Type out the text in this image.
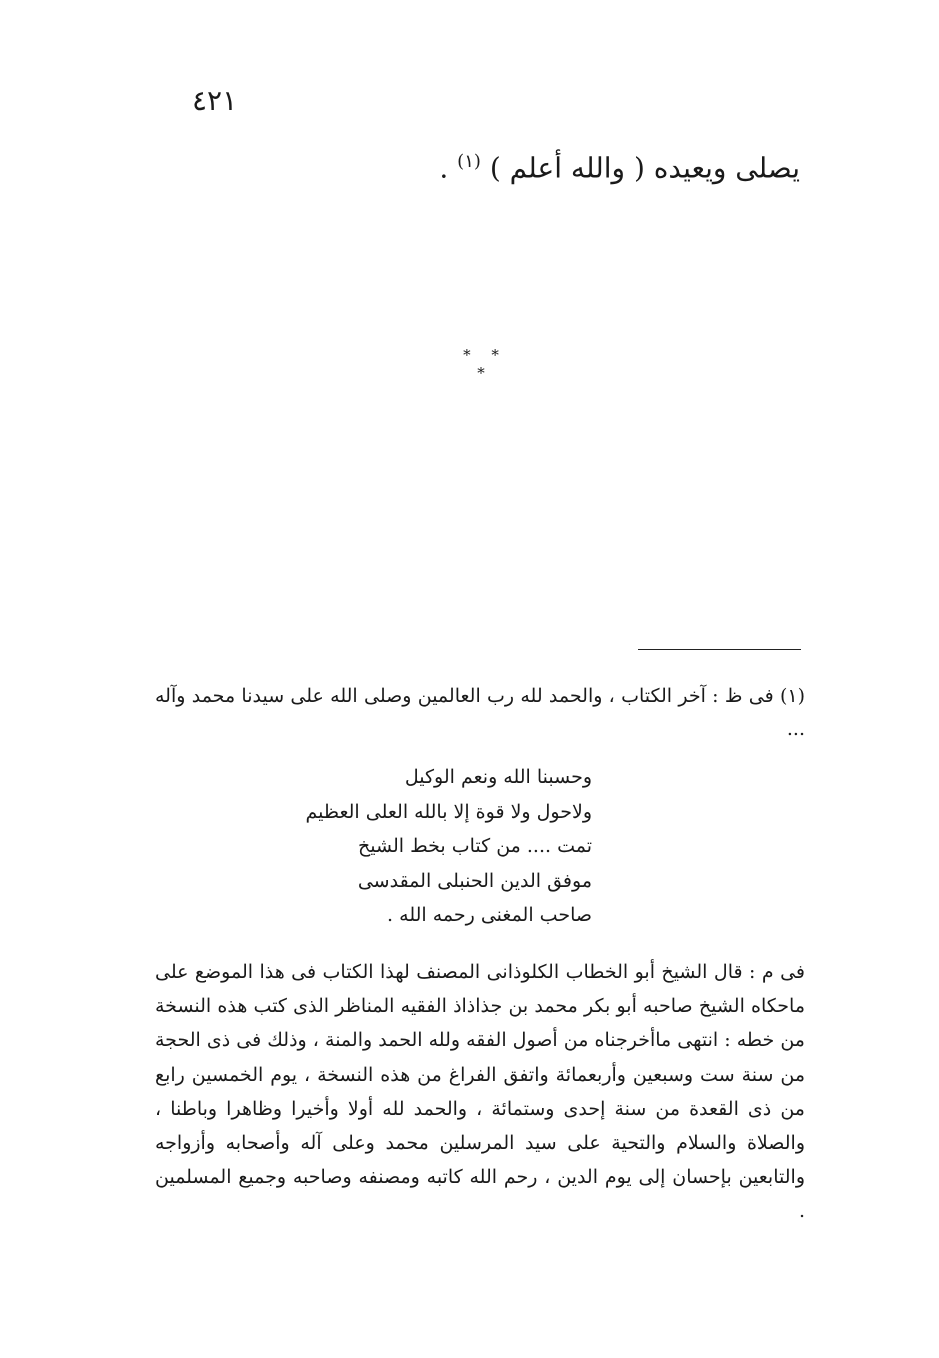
٤٢١
يصلى ويعيده ( والله أعلم ) $^{(١)}$ .
* * *
(١) فى ظ : آخر الكتاب ، والحمد لله رب العالمين وصلى الله على سيدنا محمد وآله ...
وحسبنا الله ونعم الوكيل
ولاحول ولا قوة إلا بالله العلى العظيم
تمت .... من كتاب بخط الشيخ
موفق الدين الحنبلى المقدسى
صاحب المغنى رحمه الله .
فى م : قال الشيخ أبو الخطاب الكلوذانى المصنف لهذا الكتاب فى هذا الموضع على ماحكاه الشيخ صاحبه أبو بكر محمد بن جذاذاذ الفقيه المناظر الذى كتب هذه النسخة من خطه : انتهى ماأخرجناه من أصول الفقه ولله الحمد والمنة ، وذلك فى ذى الحجة من سنة ست وسبعين وأربعمائة واتفق الفراغ من هذه النسخة ، يوم الخمسين رابع من ذى القعدة من سنة إحدى وستمائة ، والحمد لله أولا وأخيرا وظاهرا وباطنا ، والصلاة والسلام والتحية على سيد المرسلين محمد وعلى آله وأصحابه وأزواجه والتابعين بإحسان إلى يوم الدين ، رحم الله كاتبه ومصنفه وصاحبه وجميع المسلمين .
